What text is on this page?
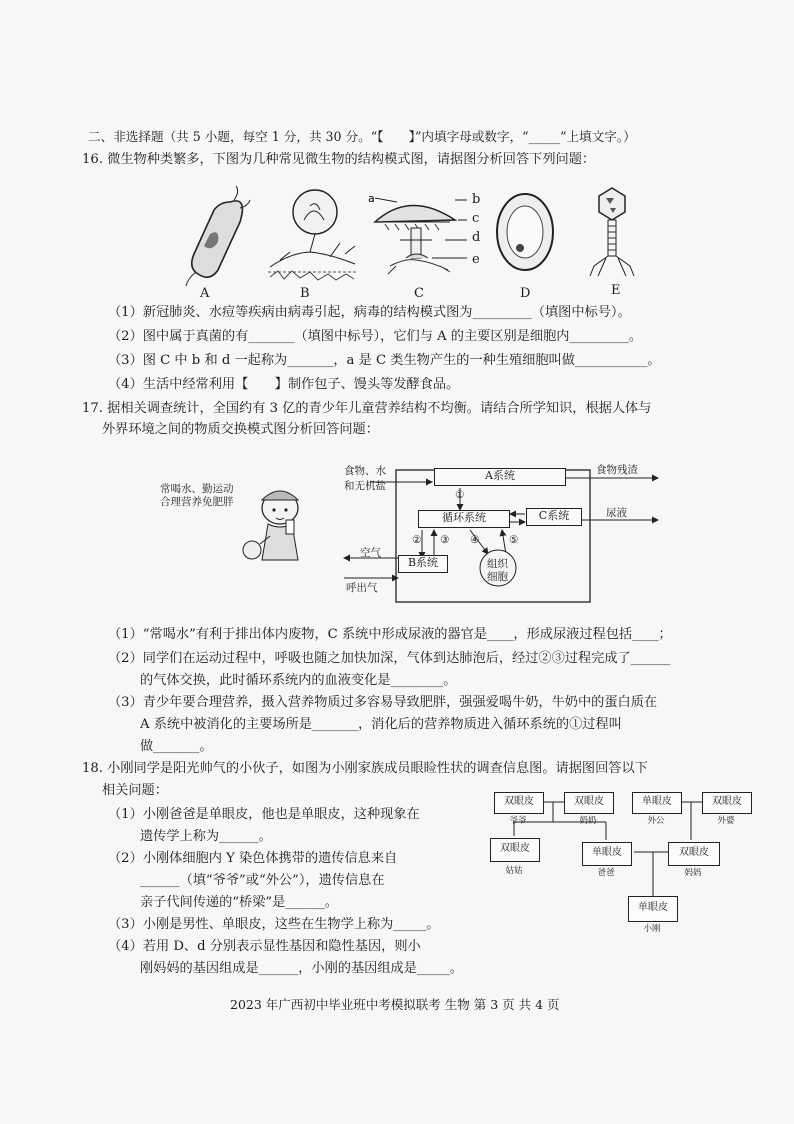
二、非选择题（共 5 小题，每空 1 分，共 30 分。“【　　】”内填字母或数字，“_____”上填文字。）
16. 微生物种类繁多，下图为几种常见微生物的结构模式图，请据图分析回答下列问题：
a	b
c
d
e
A	B	C	D	E
（1）新冠肺炎、水痘等疾病由病毒引起，病毒的结构模式图为_________（填图中标号）。
（2）图中属于真菌的有_______（填图中标号），它们与 A 的主要区别是细胞内_________。
（3）图 C 中 b 和 d 一起称为_______，a 是 C 类生物产生的一种生殖细胞叫做___________。
（4）生活中经常利用【　　】制作包子、馒头等发酵食品。
17. 据相关调查统计，全国约有 3 亿的青少年儿童营养结构不均衡。请结合所学知识，根据人体与
外界环境之间的物质交换模式图分析回答问题：
常喝水、勤运动
合理营养免肥胖
食物、水
和无机盐
A系统	食物残渣
①
循环系统	C系统	尿液
② ③ ④	⑤
空气
B系统	组织
细胞
呼出气
（1）“常喝水”有利于排出体内废物，C 系统中形成尿液的器官是____，形成尿液过程包括____；
（2）同学们在运动过程中，呼吸也随之加快加深，气体到达肺泡后，经过②③过程完成了______
的气体交换，此时循环系统内的血液变化是________。
（3）青少年要合理营养，摄入营养物质过多容易导致肥胖，强强爱喝牛奶，牛奶中的蛋白质在
A 系统中被消化的主要场所是_______，消化后的营养物质进入循环系统的①过程叫
做_______。
18. 小刚同学是阳光帅气的小伙子，如图为小刚家族成员眼睑性状的调查信息图。请据图回答以下
相关问题：
（1）小刚爸爸是单眼皮，他也是单眼皮，这种现象在
遗传学上称为______。
（2）小刚体细胞内 Y 染色体携带的遗传信息来自
______（填“爷爷”或“外公”），遗传信息在
亲子代间传递的“桥梁”是______。
（3）小刚是男性、单眼皮，这些在生物学上称为_____。
（4）若用 D、d 分别表示显性基因和隐性基因，则小
刚妈妈的基因组成是______，小刚的基因组成是_____。
双眼皮
爷爷
双眼皮
奶奶
单眼皮
外公
双眼皮
外婆
双眼皮
姑姑
单眼皮
爸爸
双眼皮
妈妈
单眼皮
小刚
2023 年广西初中毕业班中考模拟联考 生物 第 3 页 共 4 页
